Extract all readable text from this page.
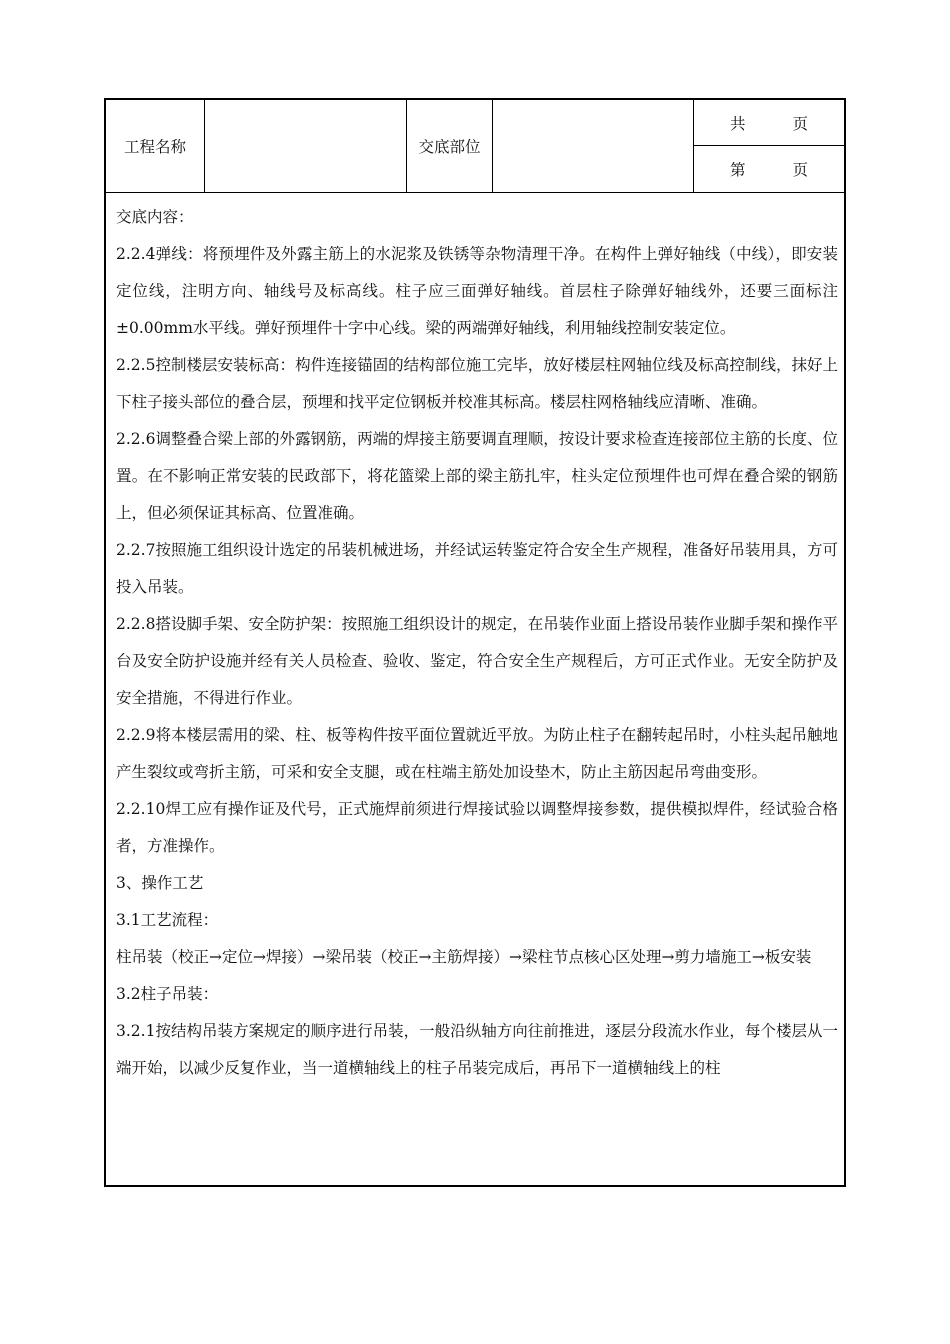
工程名称	交底部位
共	页
第	页

交底内容：

2.2.4弹线：将预埋件及外露主筋上的水泥浆及铁锈等杂物清理干净。在构件上弹好轴线（中线），即安装定位线，注明方向、轴线号及标高线。柱子应三面弹好轴线。首层柱子除弹好轴线外，还要三面标注±0.00mm水平线。弹好预埋件十字中心线。梁的两端弹好轴线，利用轴线控制安装定位。

2.2.5控制楼层安装标高：构件连接锚固的结构部位施工完毕，放好楼层柱网轴位线及标高控制线，抹好上下柱子接头部位的叠合层，预埋和找平定位钢板并校准其标高。楼层柱网格轴线应清晰、准确。

2.2.6调整叠合梁上部的外露钢筋，两端的焊接主筋要调直理顺，按设计要求检查连接部位主筋的长度、位置。在不影响正常安装的民政部下，将花篮梁上部的梁主筋扎牢，柱头定位预埋件也可焊在叠合梁的钢筋上，但必须保证其标高、位置准确。

2.2.7按照施工组织设计选定的吊装机械进场，并经试运转鉴定符合安全生产规程，准备好吊装用具，方可投入吊装。

2.2.8搭设脚手架、安全防护架：按照施工组织设计的规定，在吊装作业面上搭设吊装作业脚手架和操作平台及安全防护设施并经有关人员检查、验收、鉴定，符合安全生产规程后，方可正式作业。无安全防护及安全措施，不得进行作业。

2.2.9将本楼层需用的梁、柱、板等构件按平面位置就近平放。为防止柱子在翻转起吊时，小柱头起吊触地产生裂纹或弯折主筋，可采和安全支腿，或在柱端主筋处加设垫木，防止主筋因起吊弯曲变形。

2.2.10焊工应有操作证及代号，正式施焊前须进行焊接试验以调整焊接参数，提供模拟焊件，经试验合格者，方准操作。

3、操作工艺

3.1工艺流程：

柱吊装（校正→定位→焊接）→梁吊装（校正→主筋焊接）→梁柱节点核心区处理→剪力墙施工→板安装

3.2柱子吊装：

3.2.1按结构吊装方案规定的顺序进行吊装，一般沿纵轴方向往前推进，逐层分段流水作业，每个楼层从一端开始，以减少反复作业，当一道横轴线上的柱子吊装完成后，再吊下一道横轴线上的柱
